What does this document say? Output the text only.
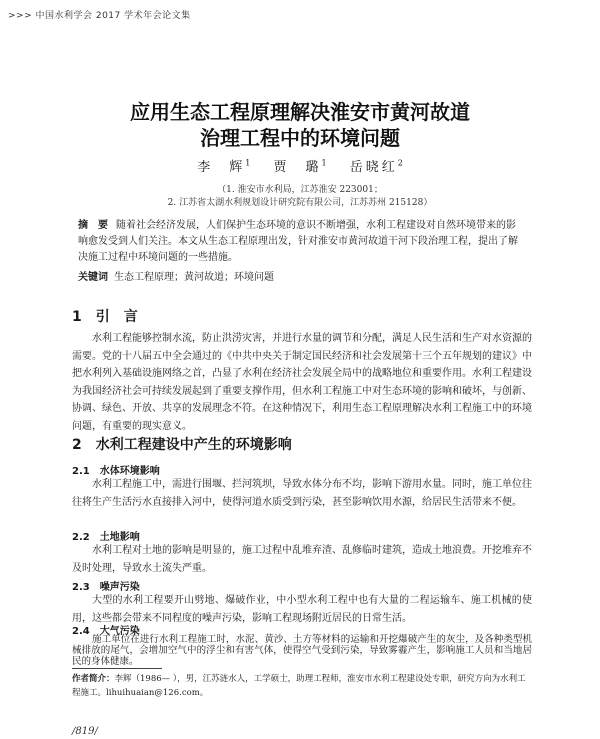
>>> 中国水利学会 2017 学术年会论文集
应用生态工程原理解决淮安市黄河故道
治理工程中的环境问题
李　辉$^1$  贾　璐$^1$  岳晓红$^2$
（1. 淮安市水利局，江苏淮安 223001；
2. 江苏省太湖水利规划设计研究院有限公司，江苏苏州 215128）
摘　要 随着社会经济发展，人们保护生态环境的意识不断增强，水利工程建设对自然环境带来的影响愈发受到人们关注。本文从生态工程原理出发，针对淮安市黄河故道干河下段治理工程，提出了解决施工过程中环境问题的一些措施。
关键词 生态工程原理；黄河故道；环境问题
1 引　言
水利工程能够控制水流，防止洪涝灾害，并进行水量的调节和分配，满足人民生活和生产对水资源的需要。党的十八届五中全会通过的《中共中央关于制定国民经济和社会发展第十三个五年规划的建议》中把水利列入基础设施网络之首，凸显了水利在经济社会发展全局中的战略地位和重要作用。水利工程建设为我国经济社会可持续发展起到了重要支撑作用，但水利工程施工中对生态环境的影响和破坏，与创新、协调、绿色、开放、共享的发展理念不符。在这种情况下，利用生态工程原理解决水利工程施工中的环境问题，有重要的现实意义。
2 水利工程建设中产生的环境影响
2.1 水体环境影响
水利工程施工中，需进行围堰、拦河筑坝，导致水体分布不均，影响下游用水量。同时，施工单位往往将生产生活污水直接排入河中，使得河道水质受到污染，甚至影响饮用水源，给居民生活带来不便。
2.2 土地影响
水利工程对土地的影响是明显的，施工过程中乱堆弃渣、乱修临时建筑，造成土地浪费。开挖堆弃不及时处理，导致水土流失严重。
2.3 噪声污染
大型的水利工程要开山劈地、爆破作业，中小型水利工程中也有大量的二程运输车、施工机械的使用，这些都会带来不同程度的噪声污染，影响工程现场附近居民的日常生活。
2.4 大气污染
施工单位在进行水利工程施工时，水泥、黄沙、土方等材料的运输和开挖爆破产生的灰尘，及各种类型机械排放的尾气，会增加空气中的浮尘和有害气体，使得空气受到污染，导致雾霾产生，影响施工人员和当地居民的身体健康。
作者简介：李辉（1986— ），男，江苏涟水人，工学硕士，助理工程师，淮安市水利工程建设处专职，研究方向为水利工程施工。lihuihuaian@126.com。
/819/
